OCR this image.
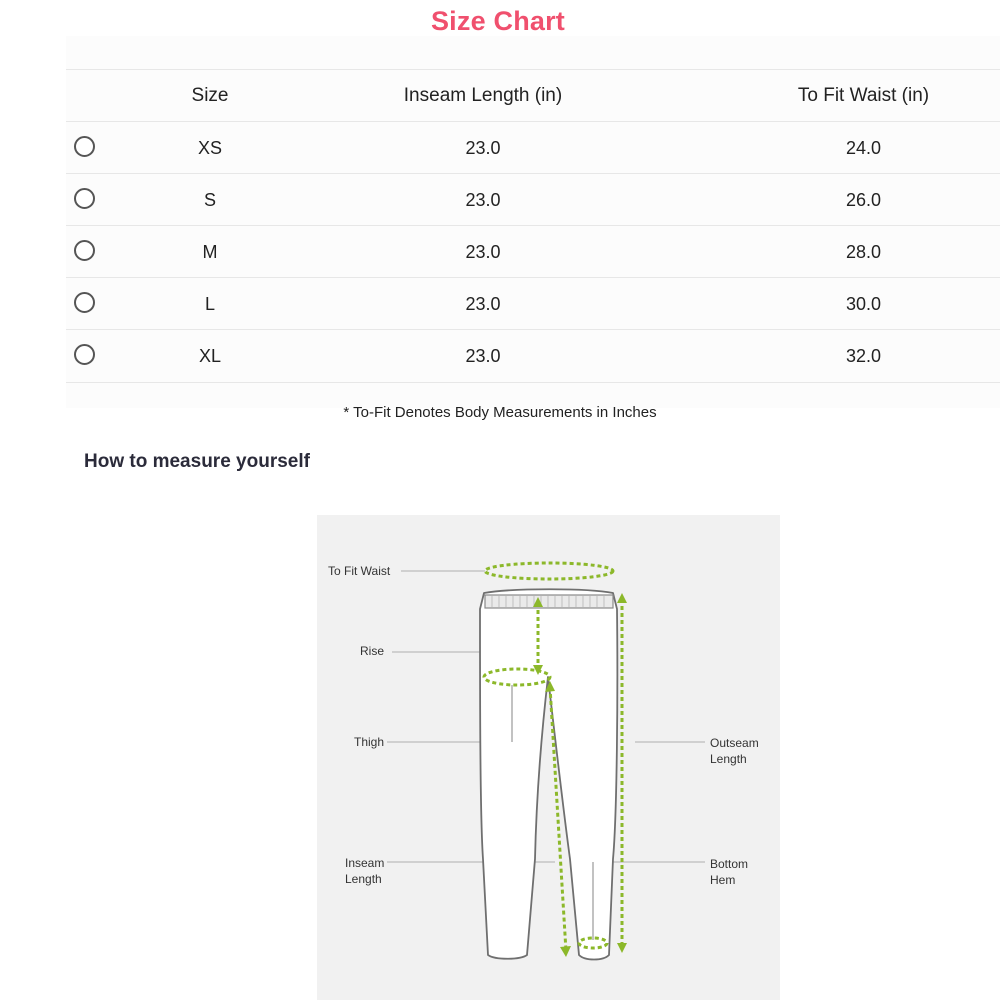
Size Chart
Size	Inseam Length (in)	To Fit Waist (in)
XS	23.0	24.0
S	23.0	26.0
M	23.0	28.0
L	23.0	30.0
XL	23.0	32.0
* To-Fit Denotes Body Measurements in Inches
How to measure yourself
To Fit Waist
Rise
Thigh	Outseam
Length
Inseam
Length
Bottom
Hem
